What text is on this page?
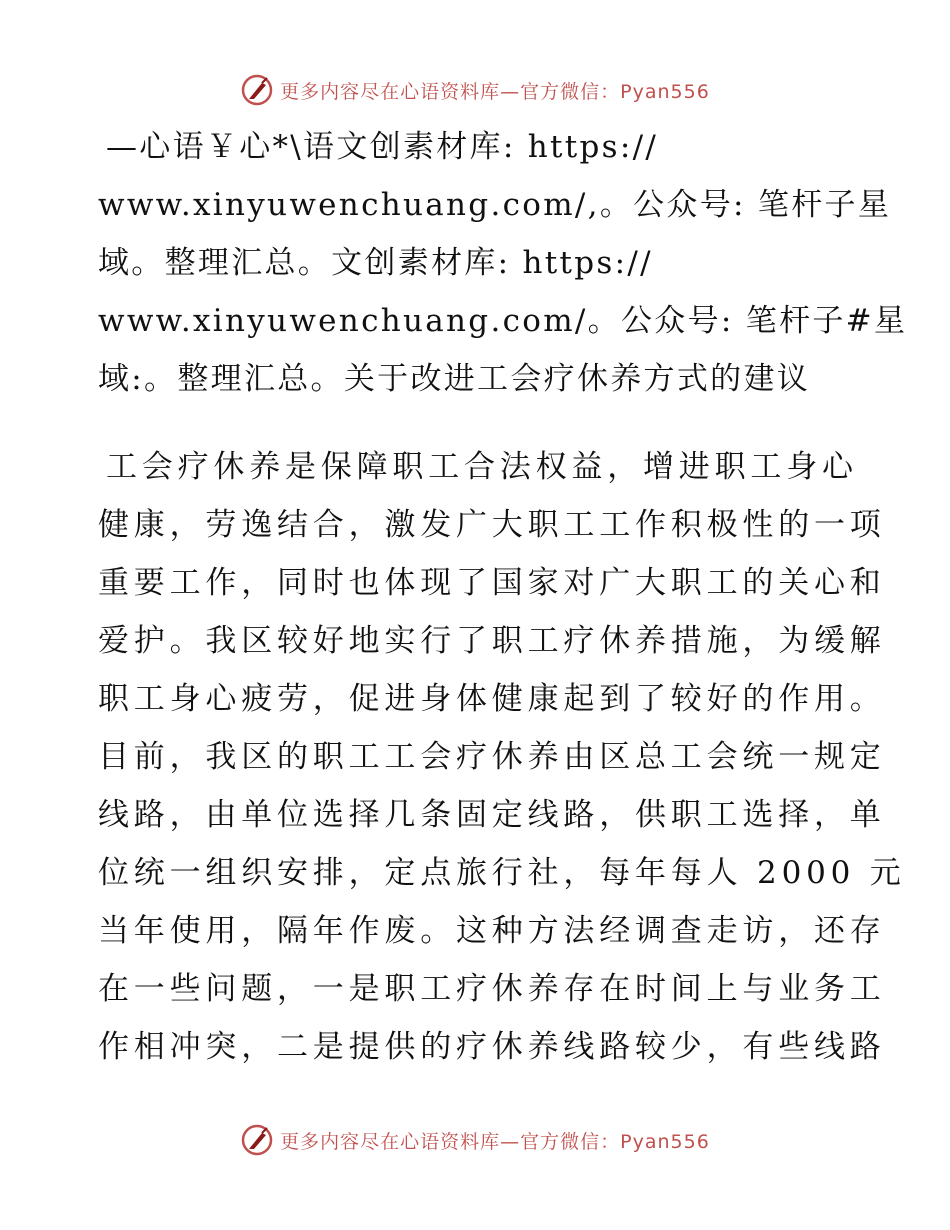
更多内容尽在心语资料库—官方微信：Pyan556
—心语￥心*\语文创素材库: https://
www.xinyuwenchuang.com/,。公众号: 笔杆子星
域。整理汇总。文创素材库: https://
www.xinyuwenchuang.com/。公众号: 笔杆子#星
域:。整理汇总。关于改进工会疗休养方式的建议
工会疗休养是保障职工合法权益，增进职工身心
健康，劳逸结合，激发广大职工工作积极性的一项
重要工作，同时也体现了国家对广大职工的关心和
爱护。我区较好地实行了职工疗休养措施，为缓解
职工身心疲劳，促进身体健康起到了较好的作用。
目前，我区的职工工会疗休养由区总工会统一规定
线路，由单位选择几条固定线路，供职工选择，单
位统一组织安排，定点旅行社，每年每人 2000 元
当年使用，隔年作废。这种方法经调查走访，还存
在一些问题，一是职工疗休养存在时间上与业务工
作相冲突，二是提供的疗休养线路较少，有些线路
更多内容尽在心语资料库—官方微信：Pyan556
